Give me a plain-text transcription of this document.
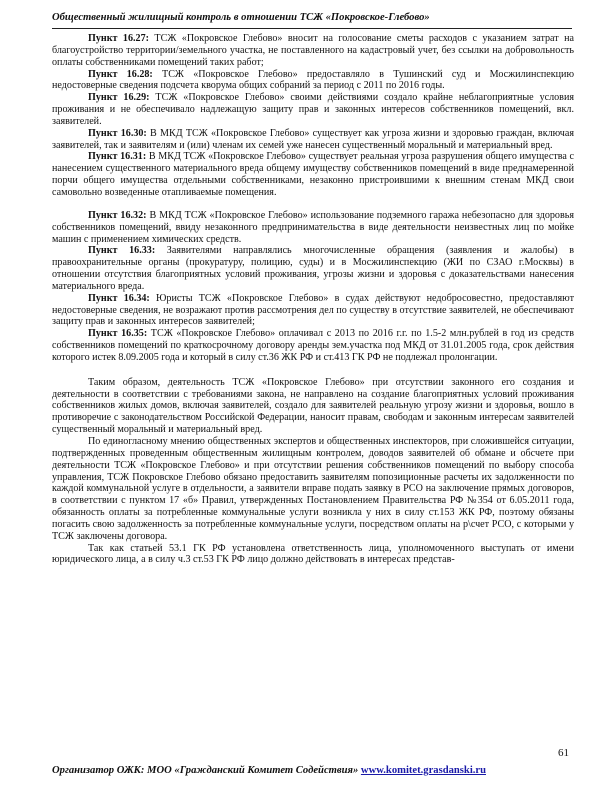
Общественный жилищный контроль в отношении ТСЖ «Покровское-Глебово»

Пункт 16.27: ТСЖ «Покровское Глебово» вносит на голосование сметы расходов с указанием затрат на благоустройство территории/земельного участка, не поставленного на кадастровый учет, без ссылки на добровольность оплаты собственниками помещений таких работ;

Пункт 16.28: ТСЖ «Покровское Глебово» предоставляло в Тушинский суд и Мосжилинспекцию недостоверные сведения подсчета кворума общих собраний за период с 2011 по 2016 годы.

Пункт 16.29: ТСЖ «Покровское Глебово» своими действиями создало крайне неблагоприятные условия проживания и не обеспечивало надлежащую защиту прав и законных интересов собственников помещений, вкл. заявителей.

Пункт 16.30: В МКД ТСЖ «Покровское Глебово» существует как угроза жизни и здоровью граждан, включая заявителей, так и заявителям и (или) членам их семей уже нанесен существенный моральный и материальный вред.

Пункт 16.31: В МКД ТСЖ «Покровское Глебово» существует реальная угроза разрушения общего имущества с нанесением существенного материального вреда общему имуществу собственников помещений в виде преднамеренной порчи общего имущества отдельными собственниками, незаконно пристроившими к внешним стенам МКД свои самовольно возведенные отапливаемые помещения.

Пункт 16.32: В МКД ТСЖ «Покровское Глебово» использование подземного гаража небезопасно для здоровья собственников помещений, ввиду незаконного предпринимательства в виде деятельности неизвестных лиц по мойке машин с применением химических средств.

Пункт 16.33: Заявителями направлялись многочисленные обращения (заявления и жалобы) в правоохранительные органы (прокуратуру, полицию, суды) и в Мосжилинспекцию (ЖИ по СЗАО г.Москвы) в отношении отсутствия благоприятных условий проживания, угрозы жизни и здоровья с доказательствами нанесения материального вреда.

Пункт 16.34: Юристы ТСЖ «Покровское Глебово» в судах действуют недобросовестно, предоставляют недостоверные сведения, не возражают против рассмотрения дел по существу в отсутствие заявителей, не обеспечивают защиту прав и законных интересов заявителей;

Пункт 16.35: ТСЖ «Покровское Глебово» оплачивал с 2013 по 2016 г.г. по 1.5-2 млн.рублей в год из средств собственников помещений по краткосрочному договору аренды зем.участка под МКД от 31.01.2005 года, срок действия которого истек 8.09.2005 года и который в силу ст.36 ЖК РФ и ст.413 ГК РФ не подлежал пролонгации.

Таким образом, деятельность ТСЖ «Покровское Глебово» при отсутствии законного его создания и деятельности в соответствии с требованиями закона, не направлено на создание благоприятных условий проживания собственников жилых домов, включая заявителей, создало для заявителей реальную угрозу жизни и здоровья, вошло в противоречие с законодательством Российской Федерации, наносит правам, свободам и законным интересам заявителей существенный моральный и материальный вред.

По единогласному мнению общественных экспертов и общественных инспекторов, при сложившейся ситуации, подтвержденных проведенным общественным жилищным контролем, доводов заявителей об обмане и обсчете при деятельности ТСЖ «Покровское Глебово» и при отсутствии решения собственников помещений по выбору способа управления, ТСЖ Покровское Глебово обязано предоставить заявителям попозиционные расчеты их задолженности по каждой коммунальной услуге в отдельности, а заявители вправе подать заявку в РСО на заключение прямых договоров, в соответствии с пунктом 17 «б» Правил, утвержденных Постановлением Правительства РФ №354 от 6.05.2011 года, обязанность оплаты за потребленные коммунальные услуги возникла у них в силу ст.153 ЖК РФ, поэтому обязаны погасить свою задолженность за потребленные коммунальные услуги, посредством оплаты на р\счет РСО, с которыми у ТСЖ заключены договора.

Так как статьей 53.1 ГК РФ установлена ответственность лица, уполномоченного выступать от имени юридического лица, а в силу ч.3 ст.53 ГК РФ лицо должно действовать в интересах представ-

61
Организатор ОЖК: МОО «Гражданский Комитет Содействия» www.komitet.grasdanski.ru
